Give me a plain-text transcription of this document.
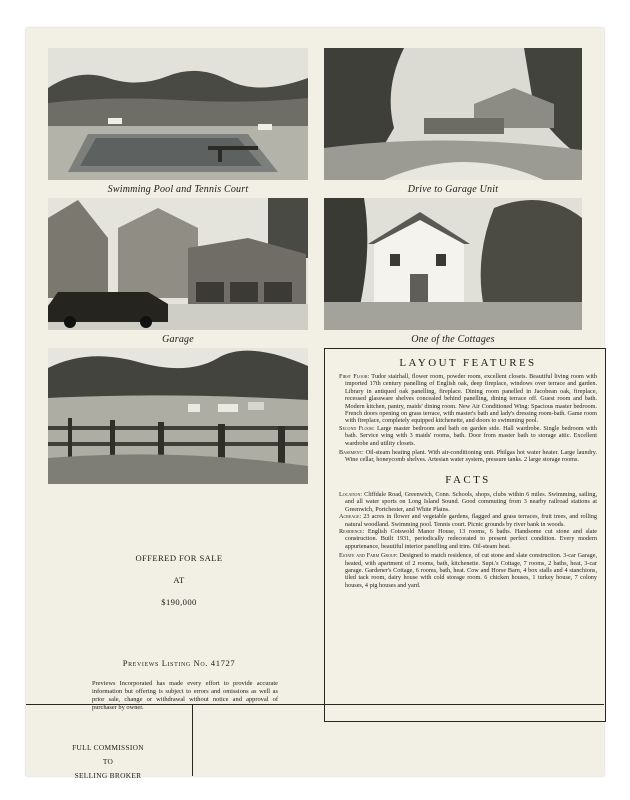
Swimming Pool and Tennis Court	Drive to Garage Unit
Garage	One of the Cottages
OFFERED FOR SALE
AT
$190,000
Previews Listing No. 41727
Previews Incorporated has made every effort to provide accurate information but offering is subject to errors and omissions as well as prior sale, change or withdrawal without notice and approval of purchaser by owner.
LAYOUT FEATURES

First Floor: Tudor stairhall, flower room, powder room, excellent closets. Beautiful living room with imported 17th century panelling of English oak, deep fireplace, windows over terrace and garden. Library in antiqued oak panelling, fireplace. Dining room panelled in Jacobean oak, fireplace, recessed glassware shelves concealed behind panelling, dining terrace off. Guest room and bath. Modern kitchen, pantry, maids' dining room. New Air Conditioned Wing: Spacious master bedroom. French doors opening on grass terrace, with master's bath and lady's dressing room-bath. Game room with fireplace, completely equipped kitchenette, and doors to swimming pool.

Second Floor: Large master bedroom and bath on garden side. Hall wardrobe. Single bedroom with bath. Service wing with 3 maids' rooms, bath. Door from master bath to storage attic. Excellent wardrobe and utility closets.

Basement: Oil-steam heating plant. With air-conditioning unit. Philgas hot water heater. Large laundry. Wine cellar, honeycomb shelves. Artesian water system, pressure tanks. 2 large storage rooms.

FACTS

Location: Cliffdale Road, Greenwich, Conn. Schools, shops, clubs within 6 miles. Swimming, sailing, and all water sports on Long Island Sound. Good commuting from 3 nearby railroad stations at Greenwich, Portchester, and White Plains.

Acreage: 23 acres in flower and vegetable gardens, flagged and grass terraces, fruit trees, and rolling natural woodland. Swimming pool. Tennis court. Picnic grounds by river bank in woods.

Residence: English Cotswold Manor House, 13 rooms, 6 baths. Handsome cut stone and slate construction. Built 1931, periodically redecorated to present perfect condition. Every modern appurtenance, beautiful interior panelling and trim. Oil-steam heat.

Estate and Farm Group: Designed to match residence, of cut stone and slate construction. 3-car Garage, heated, with apartment of 2 rooms, bath, kitchenette. Supt.'s Cottage, 7 rooms, 2 baths, heat, 3-car garage. Gardener's Cottage, 6 rooms, bath, heat. Cow and Horse Barn, 4 box stalls and 4 stanchions, tiled tack room, dairy house with cold storage room. 6 chicken houses, 1 turkey house, 7 colony houses, 4 pig houses and yard.

FULL COMMISSION
TO
SELLING BROKER
